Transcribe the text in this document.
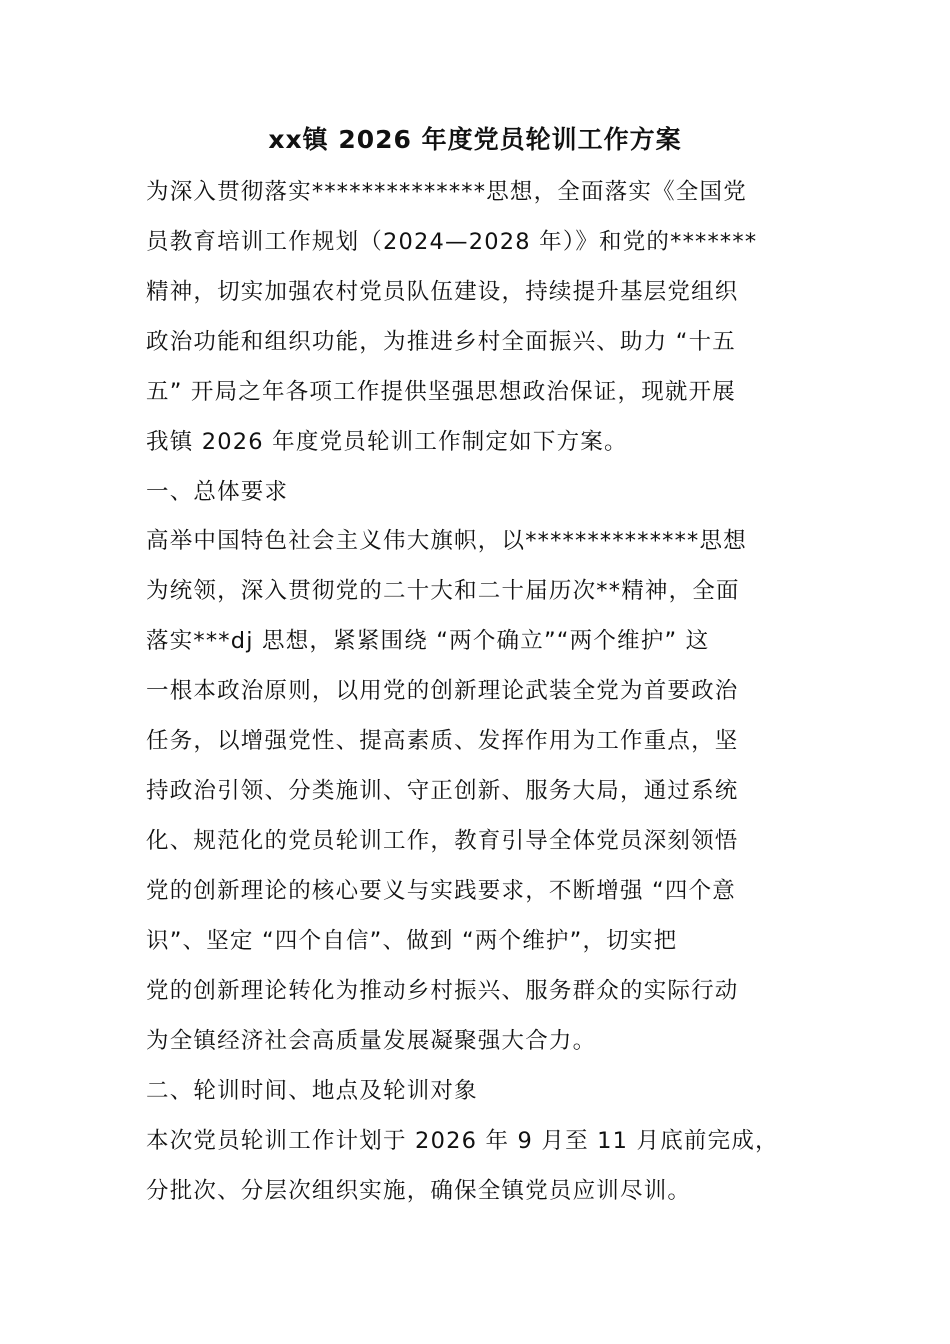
xx镇 2026 年度党员轮训工作方案
为深入贯彻落实**************思想，全面落实《全国党
员教育培训工作规划（2024—2028 年）》和党的*******
精神，切实加强农村党员队伍建设，持续提升基层党组织
政治功能和组织功能，为推进乡村全面振兴、助力 “十五
五” 开局之年各项工作提供坚强思想政治保证，现就开展
我镇 2026 年度党员轮训工作制定如下方案。
一、总体要求
高举中国特色社会主义伟大旗帜，以**************思想
为统领，深入贯彻党的二十大和二十届历次**精神，全面
落实***dj 思想，紧紧围绕 “两个确立”“两个维护” 这
一根本政治原则，以用党的创新理论武装全党为首要政治
任务，以增强党性、提高素质、发挥作用为工作重点，坚
持政治引领、分类施训、守正创新、服务大局，通过系统
化、规范化的党员轮训工作，教育引导全体党员深刻领悟
党的创新理论的核心要义与实践要求，不断增强 “四个意
识”、坚定 “四个自信”、做到 “两个维护”，切实把
党的创新理论转化为推动乡村振兴、服务群众的实际行动
为全镇经济社会高质量发展凝聚强大合力。
二、轮训时间、地点及轮训对象
本次党员轮训工作计划于 2026 年 9 月至 11 月底前完成，
分批次、分层次组织实施，确保全镇党员应训尽训。
